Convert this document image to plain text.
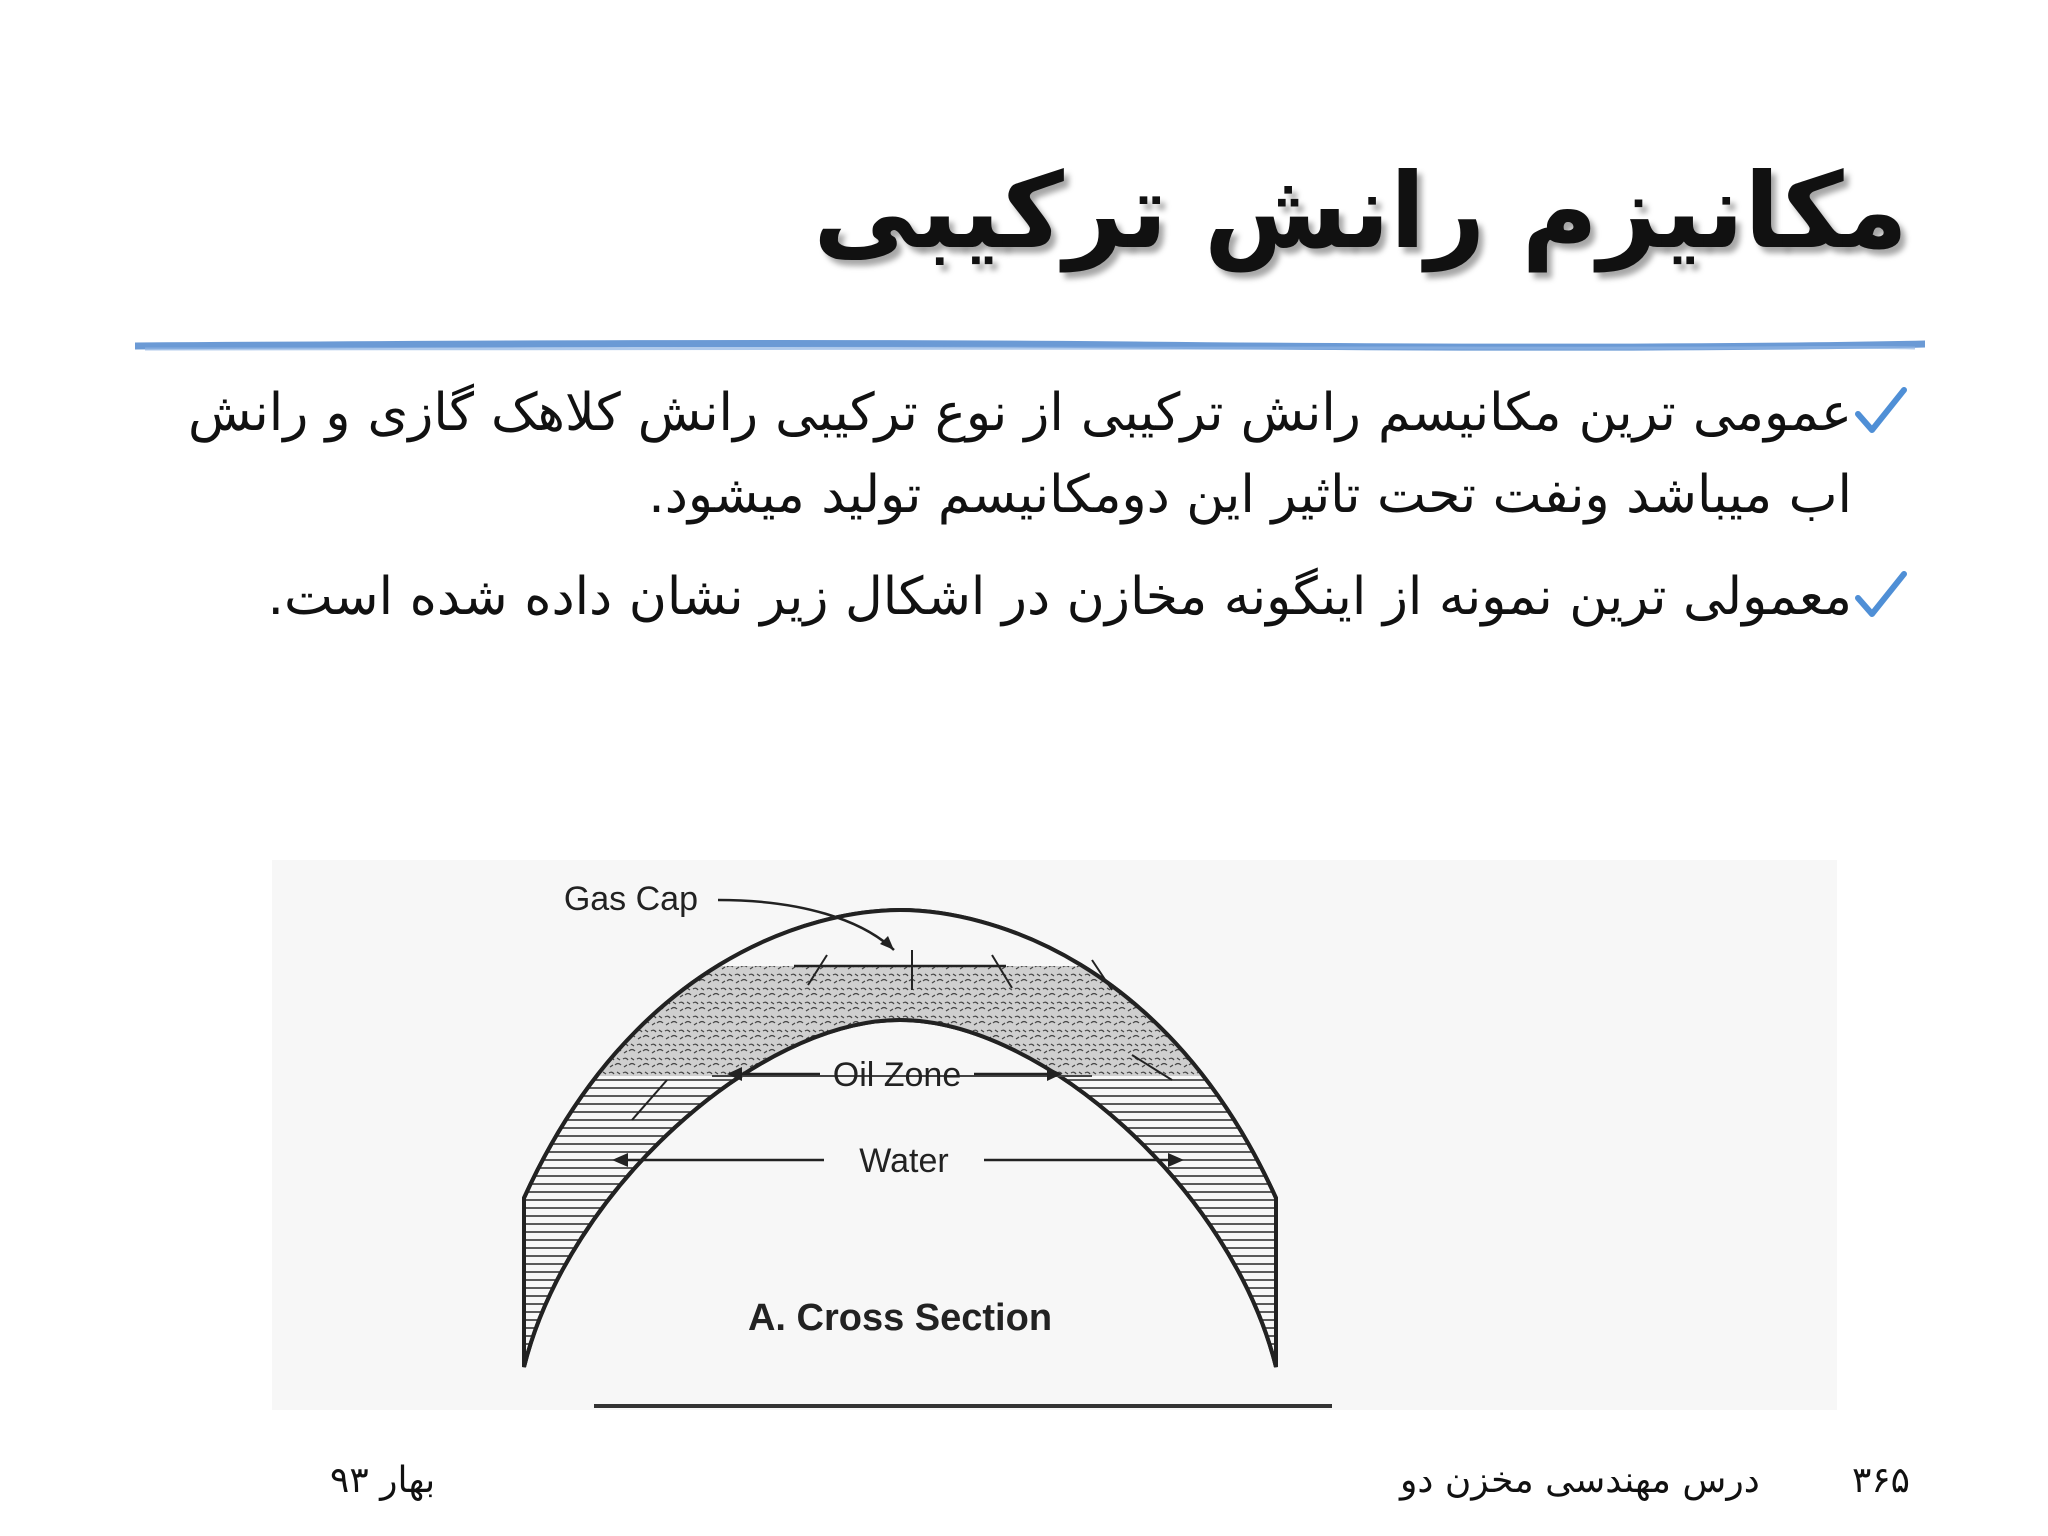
مکانیزم رانش ترکیبی
عمومی ترین مکانیسم رانش ترکیبی از نوع ترکیبی رانش کلاهک گازی و رانش اب میباشد ونفت تحت تاثیر این دومکانیسم تولید میشود.
معمولی ترین نمونه از اینگونه مخازن در اشکال زیر نشان داده شده است.
Gas Cap
Oil Zone
Water
A. Cross Section
بهار ۹۳	درس مهندسی مخزن دو	۳۶۵
